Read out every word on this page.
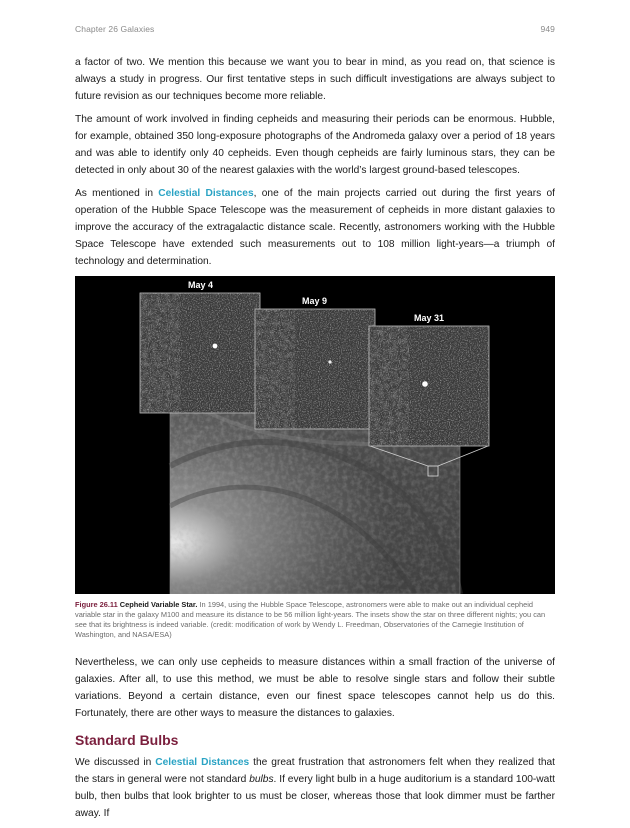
Chapter 26 Galaxies	949

a factor of two. We mention this because we want you to bear in mind, as you read on, that science is always a study in progress. Our first tentative steps in such difficult investigations are always subject to future revision as our techniques become more reliable.

The amount of work involved in finding cepheids and measuring their periods can be enormous. Hubble, for example, obtained 350 long-exposure photographs of the Andromeda galaxy over a period of 18 years and was able to identify only 40 cepheids. Even though cepheids are fairly luminous stars, they can be detected in only about 30 of the nearest galaxies with the world’s largest ground-based telescopes.

As mentioned in Celestial Distances, one of the main projects carried out during the first years of operation of the Hubble Space Telescope was the measurement of cepheids in more distant galaxies to improve the accuracy of the extragalactic distance scale. Recently, astronomers working with the Hubble Space Telescope have extended such measurements out to 108 million light-years—a triumph of technology and determination.

May 4
May 9
May 31
Figure 26.11 Cepheid Variable Star. In 1994, using the Hubble Space Telescope, astronomers were able to make out an individual cepheid variable star in the galaxy M100 and measure its distance to be 56 million light-years. The insets show the star on three different nights; you can see that its brightness is indeed variable. (credit: modification of work by Wendy L. Freedman, Observatories of the Carnegie Institution of Washington, and NASA/ESA)

Nevertheless, we can only use cepheids to measure distances within a small fraction of the universe of galaxies. After all, to use this method, we must be able to resolve single stars and follow their subtle variations. Beyond a certain distance, even our finest space telescopes cannot help us do this. Fortunately, there are other ways to measure the distances to galaxies.

Standard Bulbs

We discussed in Celestial Distances the great frustration that astronomers felt when they realized that the stars in general were not standard bulbs. If every light bulb in a huge auditorium is a standard 100-watt bulb, then bulbs that look brighter to us must be closer, whereas those that look dimmer must be farther away. If
